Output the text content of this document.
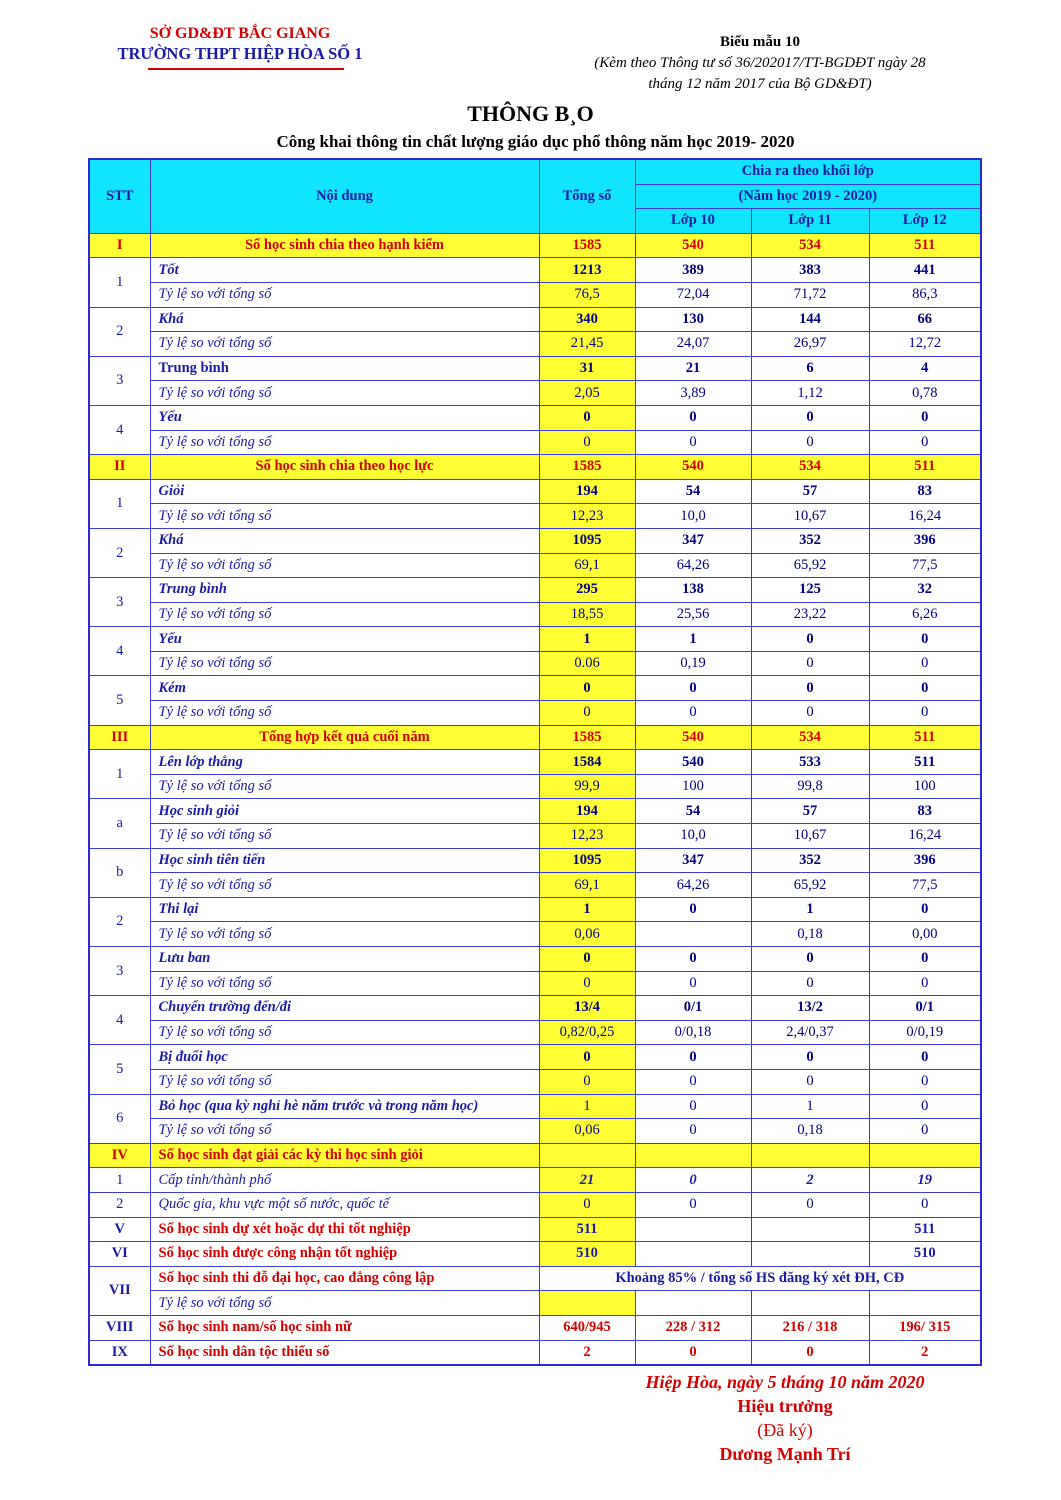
SỞ GD&ĐT BẮC GIANG
TRƯỜNG THPT HIỆP HÒA SỐ 1
Biểu mẫu 10
(Kèm theo Thông tư số 36/202017/TT-BGDĐT ngày 28
tháng 12 năm 2017 của Bộ GD&ĐT)
THÔNG B¸O
Công khai thông tin chất lượng giáo dục phổ thông năm học 2019- 2020
STT	Nội dung	Tổng số	Chia ra theo khối lớp		
			(Năm học 2019 - 2020)		
			Lớp 10	Lớp 11	Lớp 12
I	Số học sinh chia theo hạnh kiểm	1585	540	534	511
1	Tốt	1213	389	383	441
	Tỷ lệ so với tổng số	76,5	72,04	71,72	86,3
2	Khá	340	130	144	66
	Tỷ lệ so với tổng số	21,45	24,07	26,97	12,72
3	Trung bình	31	21	6	4
	Tỷ lệ so với tổng số	2,05	3,89	1,12	0,78
4	Yếu	0	0	0	0
	Tỷ lệ so với tổng số	0	0	0	0
II	Số học sinh chia theo học lực	1585	540	534	511
1	Giỏi	194	54	57	83
	Tỷ lệ so với tổng số	12,23	10,0	10,67	16,24
2	Khá	1095	347	352	396
	Tỷ lệ so với tổng số	69,1	64,26	65,92	77,5
3	Trung bình	295	138	125	32
	Tỷ lệ so với tổng số	18,55	25,56	23,22	6,26
4	Yếu	1	1	0	0
	Tỷ lệ so với tổng số	0.06	0,19	0	0
5	Kém	0	0	0	0
	Tỷ lệ so với tổng số	0	0	0	0
III	Tổng hợp kết quả cuối năm	1585	540	534	511
1	Lên lớp thẳng	1584	540	533	511
	Tỷ lệ so với tổng số	99,9	100	99,8	100
a	Học sinh giỏi	194	54	57	83
	Tỷ lệ so với tổng số	12,23	10,0	10,67	16,24
b	Học sinh tiên tiến	1095	347	352	396
	Tỷ lệ so với tổng số	69,1	64,26	65,92	77,5
2	Thi lại	1	0	1	0
	Tỷ lệ so với tổng số	0,06		0,18	0,00
3	Lưu ban	0	0	0	0
	Tỷ lệ so với tổng số	0	0	0	0
4	Chuyển trường đến/đi	13/4	0/1	13/2	0/1
	Tỷ lệ so với tổng số	0,82/0,25	0/0,18	2,4/0,37	0/0,19
5	Bị đuổi học	0	0	0	0
	Tỷ lệ so với tổng số	0	0	0	0
6	Bỏ học (qua kỳ nghỉ hè năm trước và trong năm học)	1	0	1	0
	Tỷ lệ so với tổng số	0,06	0	0,18	0
IV	Số học sinh đạt giải các kỳ thi học sinh giỏi				
1	Cấp tỉnh/thành phố	21	0	2	19
2	Quốc gia, khu vực một số nước, quốc tế	0	0	0	0
V	Số học sinh dự xét hoặc dự thi tốt nghiệp	511			511
VI	Số học sinh được công nhận tốt nghiệp	510			510
VII	Số học sinh thi đỗ đại học, cao đẳng công lập	Khoảng 85% / tổng số HS đăng ký xét ĐH, CĐ			
	Tỷ lệ so với tổng số				
VIII	Số học sinh nam/số học sinh nữ	640/945	228 / 312	216 / 318	196/ 315
IX	Số học sinh dân tộc thiểu số	2	0	0	2
Hiệp Hòa, ngày 5 tháng 10 năm 2020
Hiệu trưởng
(Đã ký)
Dương Mạnh Trí
